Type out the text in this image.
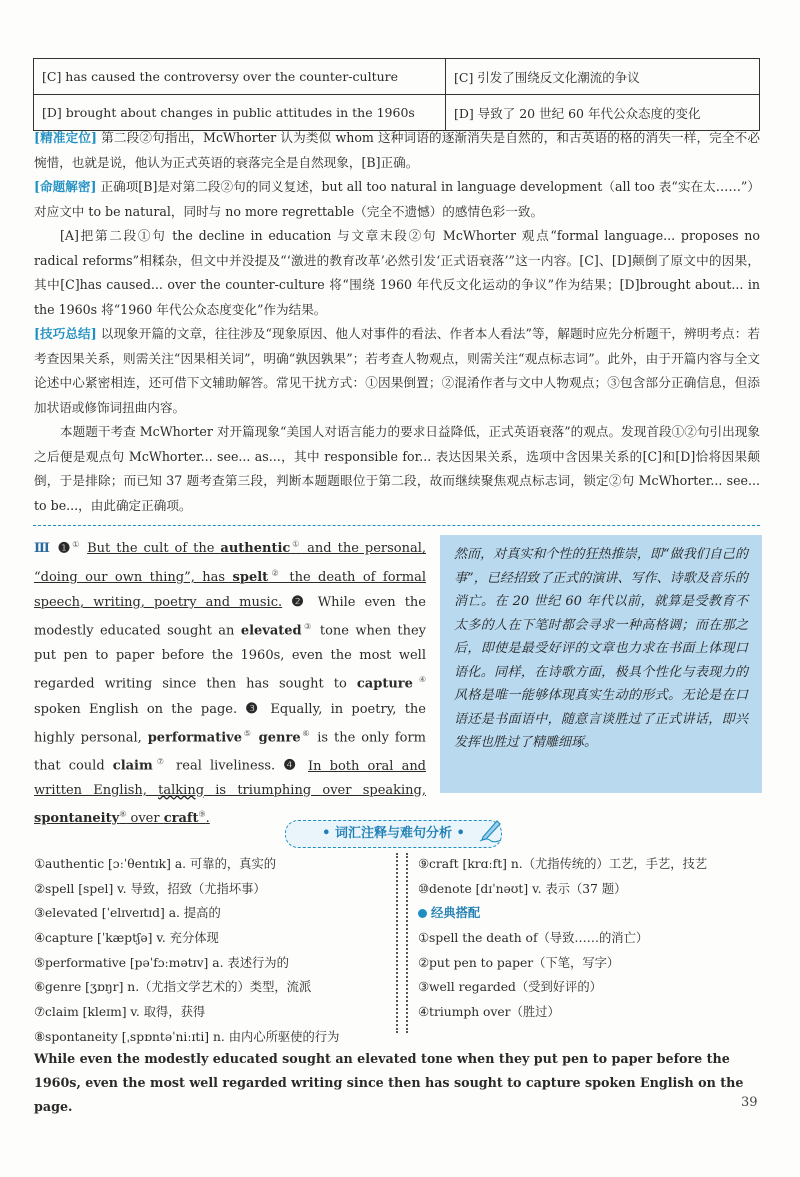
[C] has caused the controversy over the counter-culture	[C] 引发了围绕反文化潮流的争议
[D] brought about changes in public attitudes in the 1960s	[D] 导致了 20 世纪 60 年代公众态度的变化

[精准定位] 第二段②句指出，McWhorter 认为类似 whom 这种词语的逐渐消失是自然的，和古英语的格的消失一样，完全不必惋惜，也就是说，他认为正式英语的衰落完全是自然现象，[B]正确。

[命题解密] 正确项[B]是对第二段②句的同义复述，but all too natural in language development（all too 表“实在太……”）对应文中 to be natural，同时与 no more regrettable（完全不遗憾）的感情色彩一致。

[A]把第二段①句 the decline in education 与文章末段②句 McWhorter 观点“formal language... proposes no radical reforms”相糅杂，但文中并没提及“‘激进的教育改革’必然引发‘正式语衰落’”这一内容。[C]、[D]颠倒了原文中的因果，其中[C]has caused... over the counter-culture 将“围绕 1960 年代反文化运动的争议”作为结果；[D]brought about... in the 1960s 将“1960 年代公众态度变化”作为结果。

[技巧总结] 以现象开篇的文章，往往涉及“现象原因、他人对事件的看法、作者本人看法”等，解题时应先分析题干，辨明考点：若考查因果关系，则需关注“因果相关词”，明确“孰因孰果”；若考查人物观点，则需关注“观点标志词”。此外，由于开篇内容与全文论述中心紧密相连，还可借下文辅助解答。常见干扰方式：①因果倒置；②混淆作者与文中人物观点；③包含部分正确信息，但添加状语或修饰词扭曲内容。

本题题干考查 McWhorter 对开篇现象“美国人对语言能力的要求日益降低，正式英语衰落”的观点。发现首段①②句引出现象之后便是观点句 McWhorter... see... as...，其中 responsible for... 表达因果关系，选项中含因果关系的[C]和[D]恰将因果颠倒，于是排除；而已知 37 题考查第三段，判断本题题眼位于第二段，故而继续聚焦观点标志词，锁定②句 McWhorter... see... to be...，由此确定正确项。

Ⅲ ❶① But the cult of the authentic① and the personal, “doing our own thing”, has spelt② the death of formal speech, writing, poetry and music. ❷ While even the modestly educated sought an elevated③ tone when they put pen to paper before the 1960s, even the most well regarded writing since then has sought to capture④ spoken English on the page. ❸ Equally, in poetry, the highly personal, performative⑤ genre⑥ is the only form that could claim⑦ real liveliness. ❹ In both oral and written English, talking is triumphing over speaking, spontaneity⑧ over craft⑨.

然而，对真实和个性的狂热推崇，即“做我们自己的事”，已经招致了正式的演讲、写作、诗歌及音乐的消亡。在 20 世纪 60 年代以前，就算是受教育不太多的人在下笔时都会寻求一种高格调；而在那之后，即使是最受好评的文章也力求在书面上体现口语化。同样，在诗歌方面，极具个性化与表现力的风格是唯一能够体现真实生动的形式。无论是在口语还是书面语中，随意言谈胜过了正式讲话，即兴发挥也胜过了精雕细琢。
• 词汇注释与难句分析 •
①authentic [ɔːˈθentɪk] a. 可靠的，真实的
②spell [spel] v. 导致，招致（尤指坏事）
③elevated [ˈelɪveɪtɪd] a. 提高的
④capture [ˈkæptʃə] v. 充分体现
⑤performative [pəˈfɔːmətɪv] a. 表述行为的
⑥genre [ʒɒŋr] n.（尤指文学艺术的）类型，流派
⑦claim [kleɪm] v. 取得，获得
⑧spontaneity [ˌspɒntəˈniːɪti] n. 由内心所驱使的行为
⑨craft [krɑːft] n.（尤指传统的）工艺，手艺，技艺
⑩denote [dɪˈnəʊt] v. 表示（37 题）
经典搭配
①spell the death of（导致……的消亡）
②put pen to paper（下笔，写字）
③well regarded（受到好评的）
④triumph over（胜过）

While even the modestly educated sought an elevated tone when they put pen to paper before the 1960s, even the most well regarded writing since then has sought to capture spoken English on the page.	39
